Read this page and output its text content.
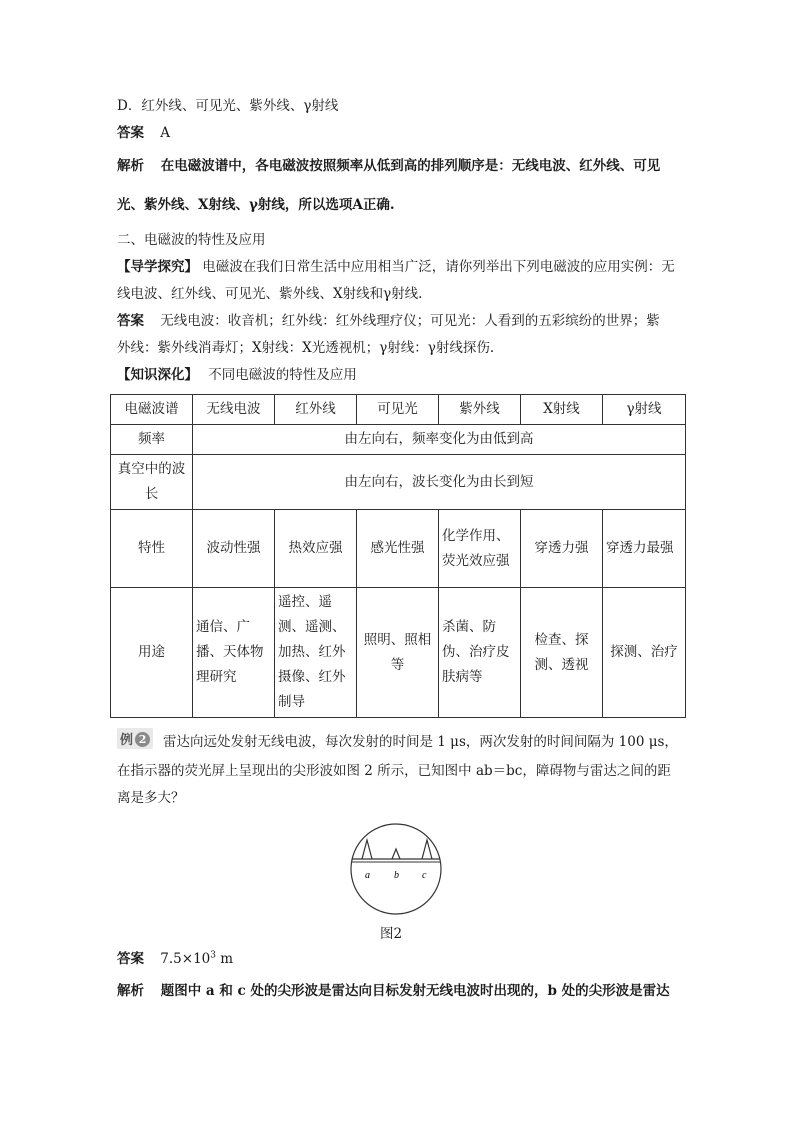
D．红外线、可见光、紫外线、γ射线
答案 A
解析 在电磁波谱中，各电磁波按照频率从低到高的排列顺序是：无线电波、红外线、可见
光、紫外线、X射线、γ射线，所以选项A正确.
二、电磁波的特性及应用
【导学探究】 电磁波在我们日常生活中应用相当广泛，请你列举出下列电磁波的应用实例：无
线电波、红外线、可见光、紫外线、X射线和γ射线.
答案 无线电波：收音机；红外线：红外线理疗仪；可见光：人看到的五彩缤纷的世界；紫
外线：紫外线消毒灯；X射线：X光透视机；γ射线：γ射线探伤.
【知识深化】 不同电磁波的特性及应用
电磁波谱	无线电波	红外线	可见光	紫外线	X射线	γ射线
频率	由左向右，频率变化为由低到高					
真空中的波长	由左向右，波长变化为由长到短					
特性	波动性强	热效应强	感光性强	化学作用、荧光效应强	穿透力强	穿透力最强
用途	通信、广播、天体物理研究	遥控、遥测、遥测、加热、红外摄像、红外制导	照明、照相等	杀菌、防伪、治疗皮肤病等	检查、探测、透视	探测、治疗
例 2	雷达向远处发射无线电波，每次发射的时间是 1 μs，两次发射的时间间隔为 100 μs，
在指示器的荧光屏上呈现出的尖形波如图 2 所示，已知图中 ab＝bc，障碍物与雷达之间的距
离是多大？
a b c
图2
答案 $7.5\times 10^3$ m
解析 题图中 a 和 c 处的尖形波是雷达向目标发射无线电波时出现的，b 处的尖形波是雷达
